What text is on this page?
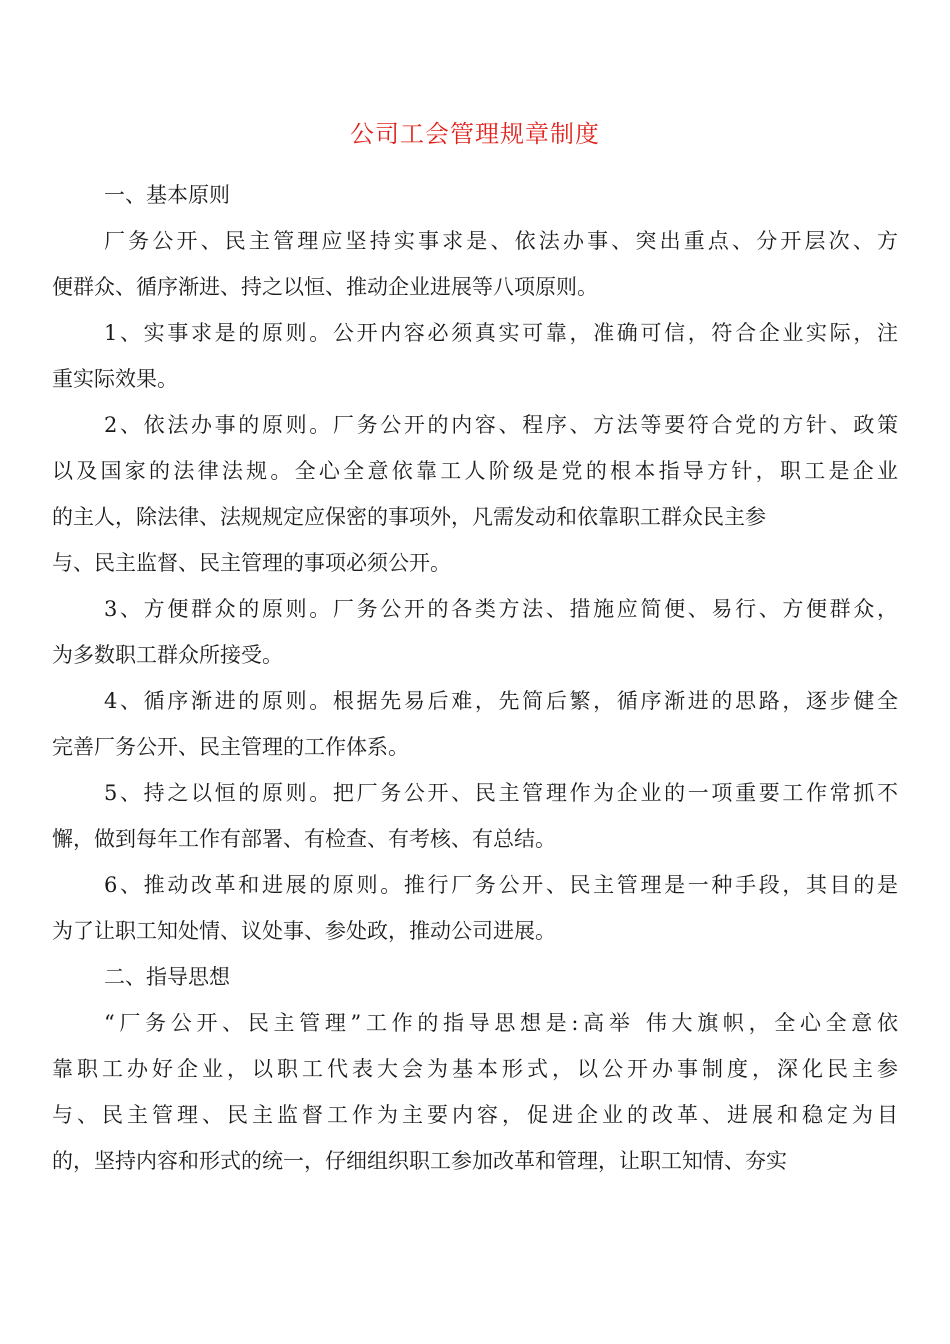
公司工会管理规章制度
一、基本原则
厂务公开、民主管理应坚持实事求是、依法办事、突出重点、分开层次、方
便群众、循序渐进、持之以恒、推动企业进展等八项原则。
1、实事求是的原则。公开内容必须真实可靠，准确可信，符合企业实际，注
重实际效果。
2、依法办事的原则。厂务公开的内容、程序、方法等要符合党的方针、政策
以及国家的法律法规。全心全意依靠工人阶级是党的根本指导方针，职工是企业
的主人，除法律、法规规定应保密的事项外，凡需发动和依靠职工群众民主参
与、民主监督、民主管理的事项必须公开。
3、方便群众的原则。厂务公开的各类方法、措施应简便、易行、方便群众，
为多数职工群众所接受。
4、循序渐进的原则。根据先易后难，先简后繁，循序渐进的思路，逐步健全
完善厂务公开、民主管理的工作体系。
5、持之以恒的原则。把厂务公开、民主管理作为企业的一项重要工作常抓不
懈，做到每年工作有部署、有检查、有考核、有总结。
6、推动改革和进展的原则。推行厂务公开、民主管理是一种手段，其目的是
为了让职工知处情、议处事、参处政，推动公司进展。
二、指导思想
“厂务公开、民主管理”工作的指导思想是:高举 伟大旗帜，全心全意依
靠职工办好企业，以职工代表大会为基本形式，以公开办事制度，深化民主参
与、民主管理、民主监督工作为主要内容，促进企业的改革、进展和稳定为目
的，坚持内容和形式的统一，仔细组织职工参加改革和管理，让职工知情、夯实
